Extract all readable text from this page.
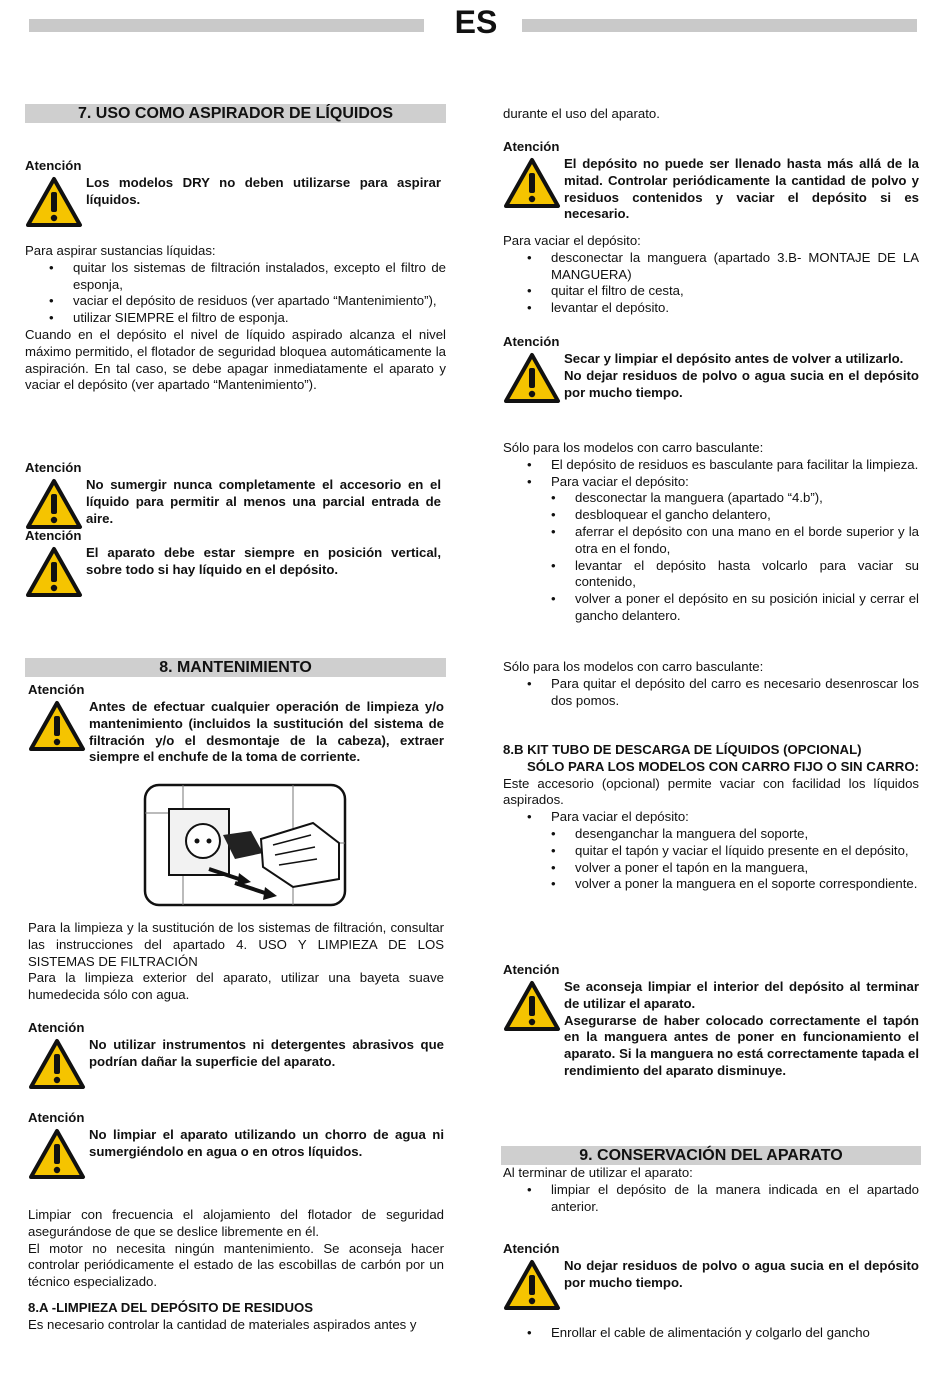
ES
7. USO COMO ASPIRADOR DE LÍQUIDOS
Atención
Los modelos DRY no deben utilizarse para aspirar líquidos.

Para aspirar sustancias líquidas:

• quitar los sistemas de filtración instalados, excepto el filtro de esponja,
• vaciar el depósito de residuos (ver apartado “Mantenimiento”),
• utilizar SIEMPRE el filtro de esponja.

Cuando en el depósito el nivel de líquido aspirado alcanza el nivel máximo permitido, el flotador de seguridad bloquea automáticamente la aspiración. En tal caso, se debe apagar inmediatamente el aparato y vaciar el depósito (ver apartado “Mantenimiento”).

Atención
No sumergir nunca completamente el accesorio en el líquido para permitir al menos una parcial entrada de aire.
Atención
El aparato debe estar siempre en posición vertical, sobre todo si hay líquido en el depósito.
8. MANTENIMIENTO
Atención
Antes de efectuar cualquier operación de limpieza y/o mantenimiento (incluidos la sustitución del sistema de filtración y/o el desmontaje de la cabeza), extraer siempre el enchufe de la toma de corriente.

Para la limpieza y la sustitución de los sistemas de filtración, consultar las instrucciones del apartado 4. USO Y LIMPIEZA DE LOS SISTEMAS DE FILTRACIÓN

Para la limpieza exterior del aparato, utilizar una bayeta suave humedecida sólo con agua.

Atención
No utilizar instrumentos ni detergentes abrasivos que podrían dañar la superficie del aparato.
Atención
No limpiar el aparato utilizando un chorro de agua ni sumergiéndolo en agua o en otros líquidos.

Limpiar con frecuencia el alojamiento del flotador de seguridad asegurándose de que se deslice libremente en él.

El motor no necesita ningún mantenimiento. Se aconseja hacer controlar periódicamente el estado de las escobillas de carbón por un técnico especializado.

8.A -LIMPIEZA DEL DEPÓSITO DE RESIDUOS

Es necesario controlar la cantidad de materiales aspirados antes y

durante el uso del aparato.

Atención
El depósito no puede ser llenado hasta más allá de la mitad. Controlar periódicamente la cantidad de polvo y residuos contenidos y vaciar el depósito si es necesario.

Para vaciar el depósito:

• desconectar la manguera (apartado 3.B- MONTAJE DE LA MANGUERA)
• quitar el filtro de cesta,
• levantar el depósito.
Atención
Secar y limpiar el depósito antes de volver a utilizarlo.
No dejar residuos de polvo o agua sucia en el depósito por mucho tiempo.

Sólo para los modelos con carro basculante:

• El depósito de residuos es basculante para facilitar la limpieza.
• Para vaciar el depósito:
• desconectar la manguera (apartado “4.b”),
• desbloquear el gancho delantero,
• aferrar el depósito con una mano en el borde superior y la otra en el fondo,
• levantar el depósito hasta volcarlo para vaciar su contenido,
• volver a poner el depósito en su posición inicial y cerrar el gancho delantero.

Sólo para los modelos con carro basculante:

• Para quitar el depósito del carro es necesario desenroscar los dos pomos.

8.B KIT TUBO DE DESCARGA DE LÍQUIDOS (OPCIONAL)

SÓLO PARA LOS MODELOS CON CARRO FIJO O SIN CARRO:

Este accesorio (opcional) permite vaciar con facilidad los líquidos aspirados.

• Para vaciar el depósito:
• desenganchar la manguera del soporte,
• quitar el tapón y vaciar el líquido presente en el depósito,
• volver a poner el tapón en la manguera,
• volver a poner la manguera en el soporte correspondiente.
Atención
Se aconseja limpiar el interior del depósito al terminar de utilizar el aparato.
Asegurarse de haber colocado correctamente el tapón en la manguera antes de poner en funcionamiento el aparato. Si la manguera no está correctamente tapada el rendimiento del aparato disminuye.
9. CONSERVACIÓN DEL APARATO

Al terminar de utilizar el aparato:

• limpiar el depósito de la manera indicada en el apartado anterior.
Atención
No dejar residuos de polvo o agua sucia en el depósito por mucho tiempo.
• Enrollar el cable de alimentación y colgarlo del gancho
